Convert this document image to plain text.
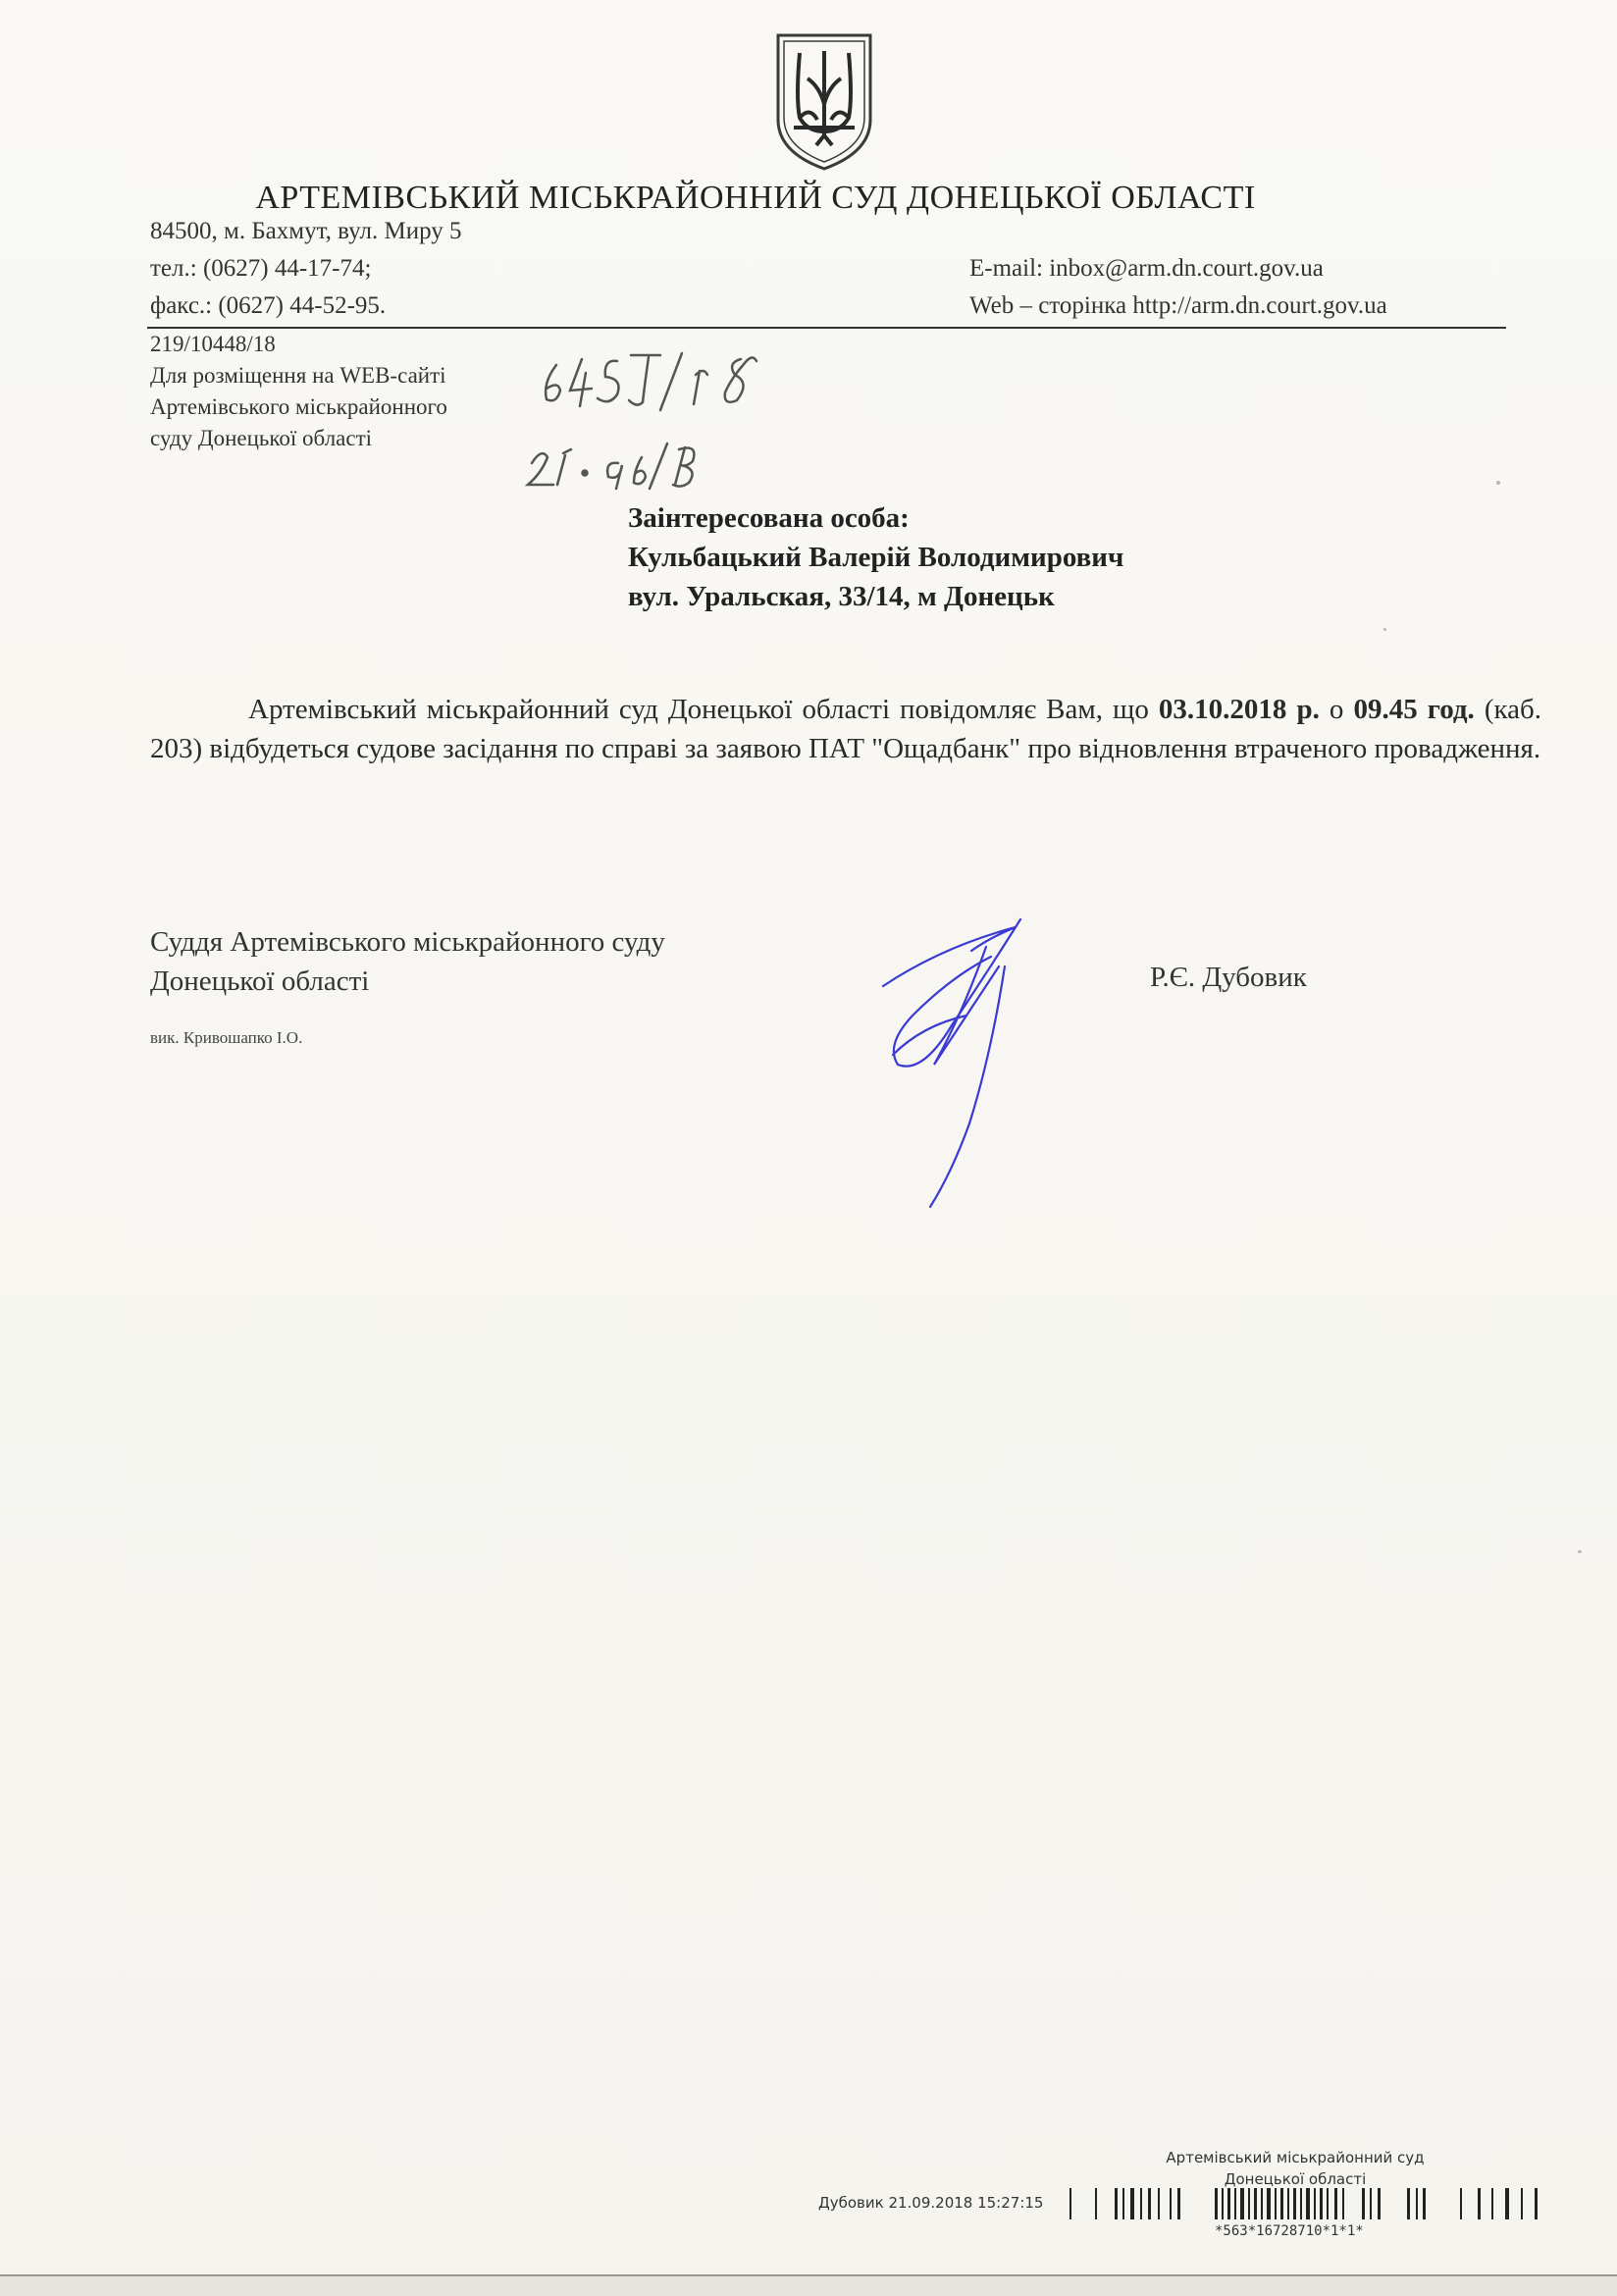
АРТЕМІВСЬКИЙ МІСЬКРАЙОННИЙ СУД ДОНЕЦЬКОЇ ОБЛАСТІ
84500, м. Бахмут, вул. Миру 5
тел.: (0627) 44-17-74;
факс.: (0627) 44-52-95.
E-mail: inbox@arm.dn.court.gov.ua
Web – сторінка http://arm.dn.court.gov.ua
219/10448/18
Для розміщення на WEB-сайті
Артемівського міськрайонного
суду Донецької області
Заінтересована особа:
Кульбацький Валерій Володимирович
вул. Уральская, 33/14, м Донецьк

Артемівський міськрайонний суд Донецької області повідомляє Вам, що 03.10.2018 р. о 09.45 год. (каб. 203) відбудеться судове засідання по справі за заявою ПАТ "Ощадбанк" про відновлення втраченого провадження.

Суддя Артемівського міськрайонного суду
Донецької області	Р.Є. Дубовик
вик. Кривошапко І.О.
Артемівський міськрайонний суд
Донецької області
Дубовик 21.09.2018 15:27:15
*563*16728710*1*1*
